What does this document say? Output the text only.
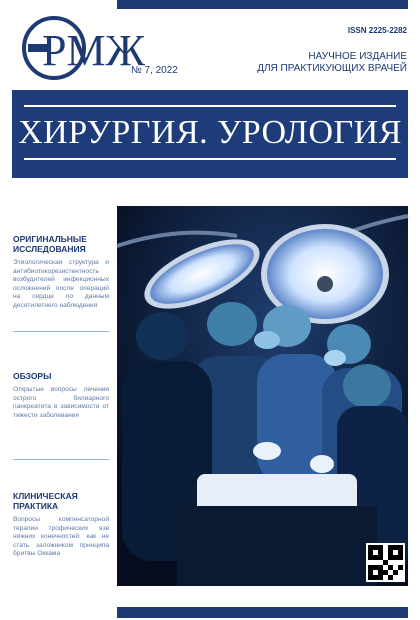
РМЖ
№ 7, 2022
ISSN 2225-2282
НАУЧНОЕ ИЗДАНИЕ
ДЛЯ ПРАКТИКУЮЩИХ ВРАЧЕЙ
ХИРУРГИЯ. УРОЛОГИЯ
ОРИГИНАЛЬНЫЕ
ИССЛЕДОВАНИЯ
Этиологическая структура и антибиотикорезистентность возбудителей инфекционных осложнений после операций на сердце по данным десятилетнего наблюдения
ОБЗОРЫ
Открытые вопросы лечения острого билиарного панкреатита в зависимости от тяжести заболевания
КЛИНИЧЕСКАЯ
ПРАКТИКА
Вопросы компенсаторной терапии трофических язв нижних конечностей: как не стать заложником принципа бритвы Оккама
